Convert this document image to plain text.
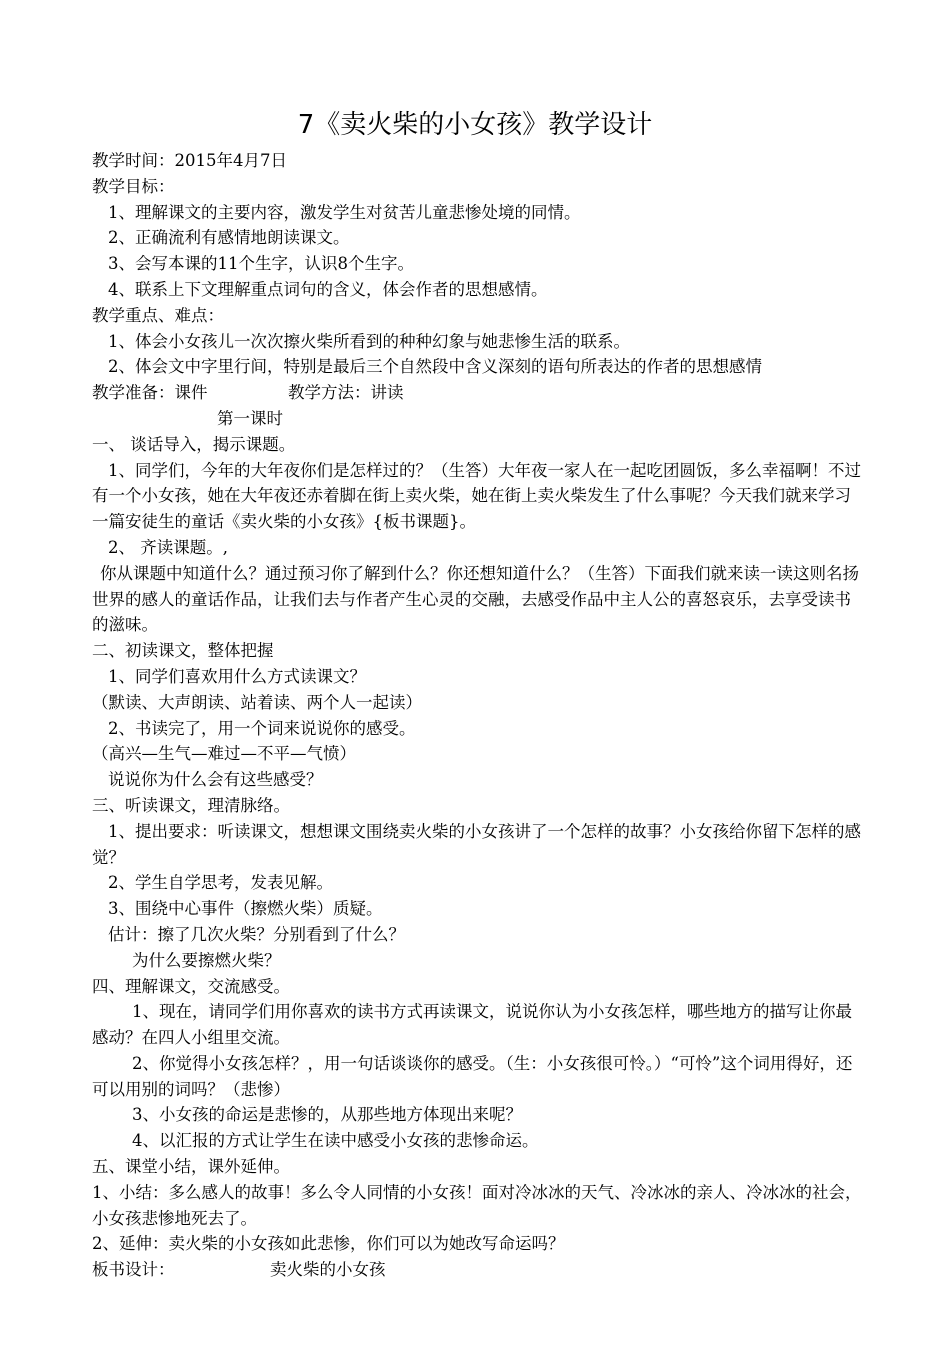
7《卖火柴的小女孩》教学设计

教学时间：2015年4月7日

教学目标：

1、理解课文的主要内容，激发学生对贫苦儿童悲惨处境的同情。

2、正确流利有感情地朗读课文。

3、会写本课的11个生字，认识8个生字。

4、联系上下文理解重点词句的含义，体会作者的思想感情。

教学重点、难点：

1、体会小女孩儿一次次擦火柴所看到的种种幻象与她悲惨生活的联系。

2、体会文中字里行间，特别是最后三个自然段中含义深刻的语句所表达的作者的思想感情

教学准备：课件	教学方法：讲读

第一课时

一、 谈话导入，揭示课题。

1、同学们，今年的大年夜你们是怎样过的？（生答）大年夜一家人在一起吃团圆饭，多么幸福啊！不过有一个小女孩，她在大年夜还赤着脚在街上卖火柴，她在街上卖火柴发生了什么事呢？今天我们就来学习一篇安徒生的童话《卖火柴的小女孩》{板书课题}。

2、 齐读课题。,

你从课题中知道什么？通过预习你了解到什么？你还想知道什么？（生答）下面我们就来读一读这则名扬世界的感人的童话作品，让我们去与作者产生心灵的交融，去感受作品中主人公的喜怒哀乐，去享受读书的滋味。

二、初读课文，整体把握

1、同学们喜欢用什么方式读课文？

（默读、大声朗读、站着读、两个人一起读）

2、书读完了，用一个词来说说你的感受。

（高兴—生气—难过—不平—气愤）

说说你为什么会有这些感受？

三、听读课文，理清脉络。

1、提出要求：听读课文，想想课文围绕卖火柴的小女孩讲了一个怎样的故事？小女孩给你留下怎样的感觉？

2、学生自学思考，发表见解。

3、围绕中心事件（擦燃火柴）质疑。

估计：擦了几次火柴？分别看到了什么？

为什么要擦燃火柴？

四、理解课文，交流感受。

1、现在，请同学们用你喜欢的读书方式再读课文，说说你认为小女孩怎样，哪些地方的描写让你最感动？在四人小组里交流。

2、你觉得小女孩怎样？，用一句话谈谈你的感受。（生：小女孩很可怜。）“可怜”这个词用得好，还可以用别的词吗？（悲惨）

3、小女孩的命运是悲惨的，从那些地方体现出来呢？

4、以汇报的方式让学生在读中感受小女孩的悲惨命运。

五、课堂小结，课外延伸。

1、小结：多么感人的故事！多么令人同情的小女孩！面对冷冰冰的天气、冷冰冰的亲人、冷冰冰的社会，小女孩悲惨地死去了。

2、延伸：卖火柴的小女孩如此悲惨，你们可以为她改写命运吗？

板书设计：	卖火柴的小女孩
